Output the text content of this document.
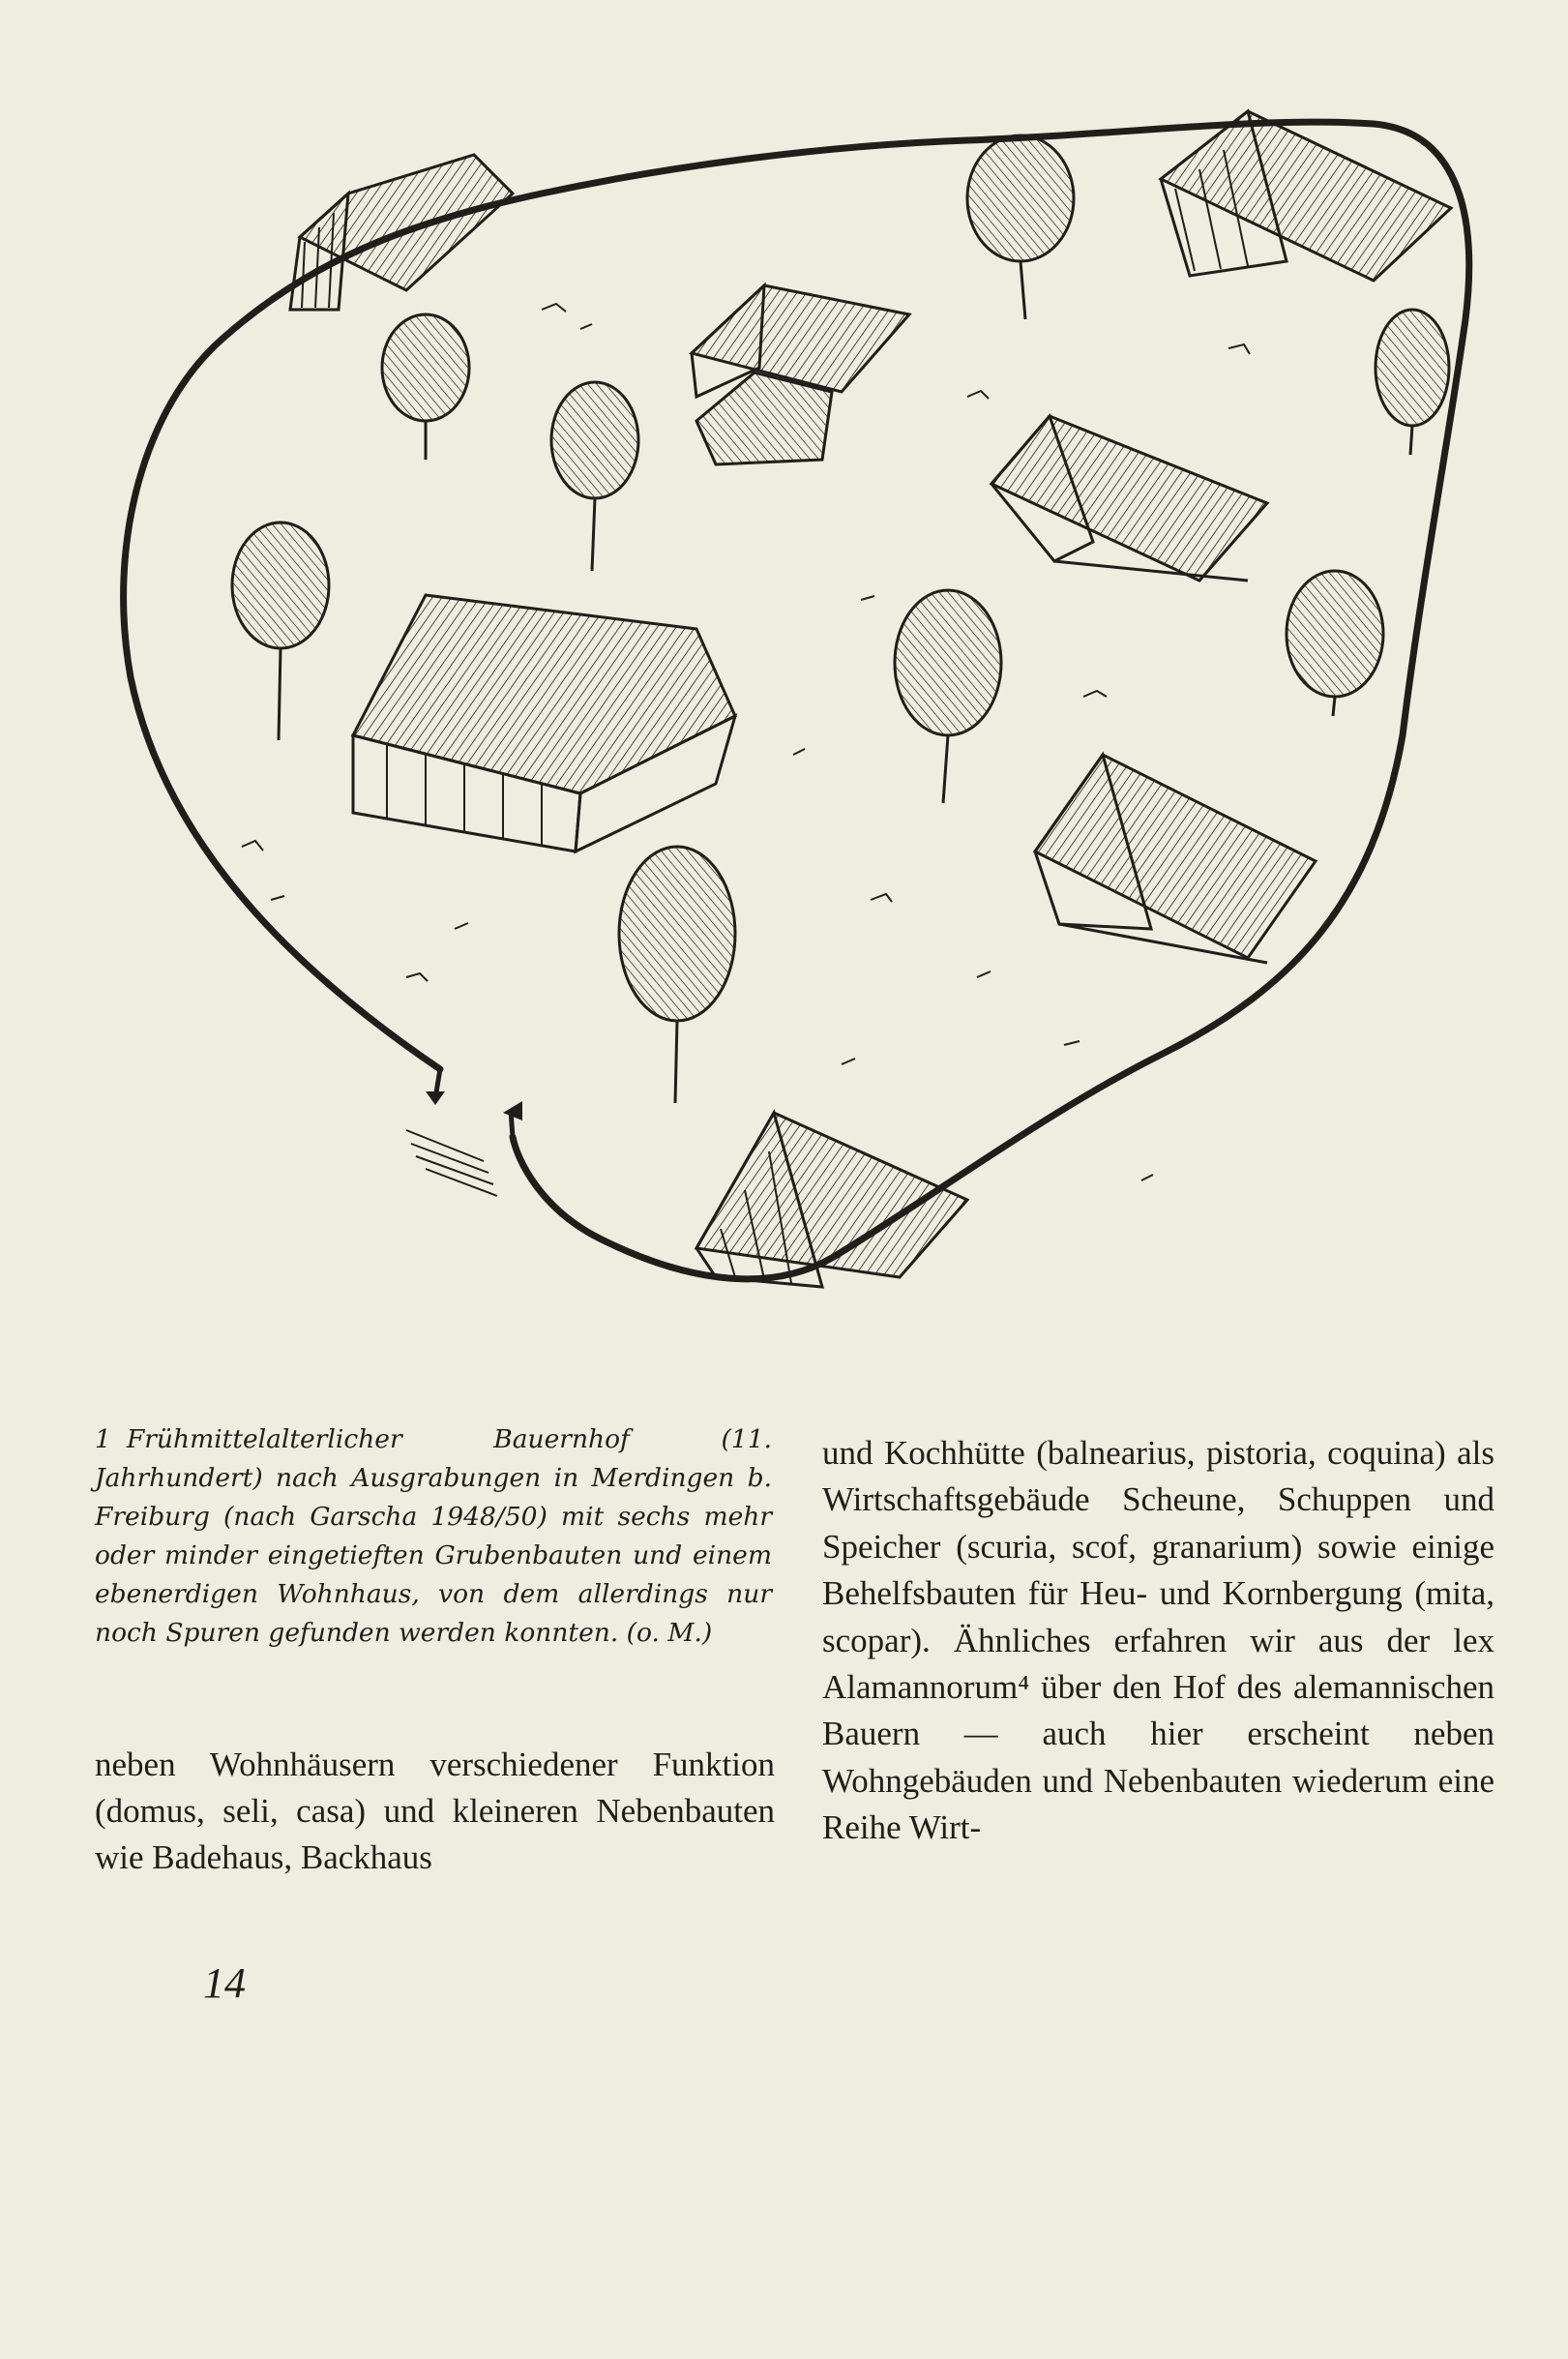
1 Frühmittelalterlicher Bauernhof (11. Jahrhundert) nach Ausgrabungen in Merdingen b. Freiburg (nach Garscha 1948/50) mit sechs mehr oder minder eingetieften Grubenbauten und einem ebenerdigen Wohnhaus, von dem allerdings nur noch Spuren gefunden werden konnten. (o. M.)

neben Wohnhäusern verschiedener Funktion (domus, seli, casa) und kleineren Nebenbauten wie Badehaus, Backhaus

und Kochhütte (balnearius, pistoria, coquina) als Wirtschaftsgebäude Scheune, Schuppen und Speicher (scuria, scof, granarium) sowie einige Behelfsbauten für Heu- und Kornbergung (mita, scopar). Ähnliches erfahren wir aus der lex Alamannorum⁴ über den Hof des alemannischen Bauern — auch hier erscheint neben Wohngebäuden und Nebenbauten wiederum eine Reihe Wirt-

14
